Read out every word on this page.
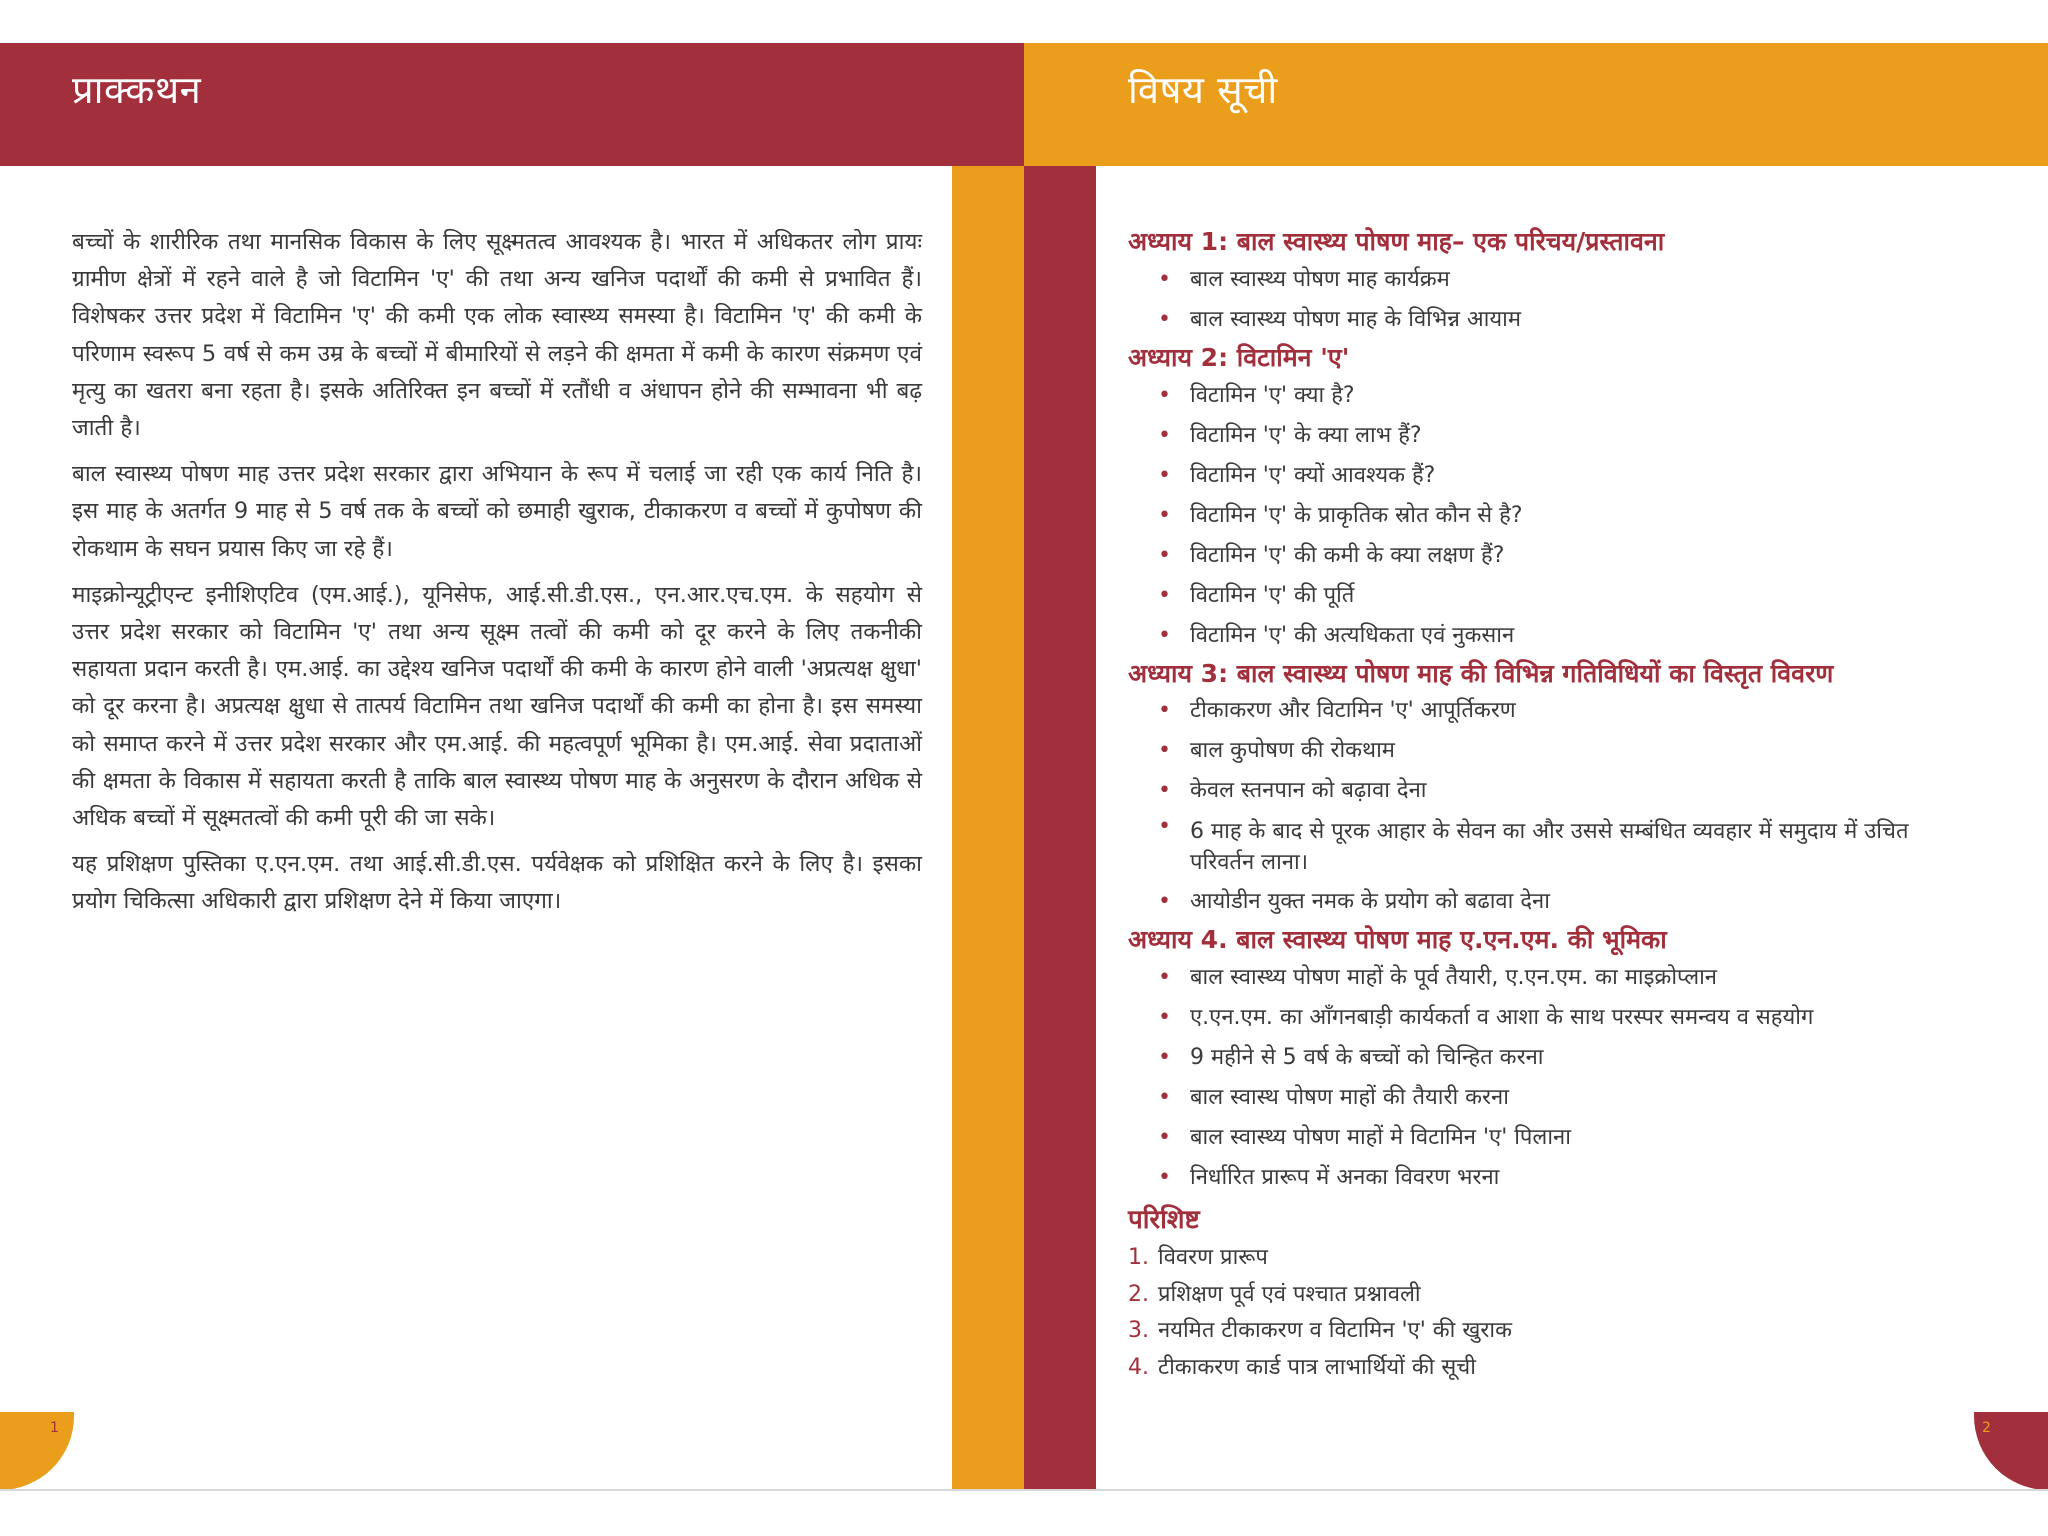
प्राक्कथन	विषय सूची

बच्चों के शारीरिक तथा मानसिक विकास के लिए सूक्ष्मतत्व आवश्यक है। भारत में अधिकतर लोग प्रायः ग्रामीण क्षेत्रों में रहने वाले है जो विटामिन 'ए' की तथा अन्य खनिज पदार्थों की कमी से प्रभावित हैं। विशेषकर उत्तर प्रदेश में विटामिन 'ए' की कमी एक लोक स्वास्थ्य समस्या है। विटामिन 'ए' की कमी के परिणाम स्वरूप 5 वर्ष से कम उम्र के बच्चों में बीमारियों से लड़ने की क्षमता में कमी के कारण संक्रमण एवं मृत्यु का खतरा बना रहता है। इसके अतिरिक्त इन बच्चों में रतौंधी व अंधापन होने की सम्भावना भी बढ़ जाती है।

बाल स्वास्थ्य पोषण माह उत्तर प्रदेश सरकार द्वारा अभियान के रूप में चलाई जा रही एक कार्य निति है। इस माह के अतर्गत 9 माह से 5 वर्ष तक के बच्चों को छमाही खुराक, टीकाकरण व बच्चों में कुपोषण की रोकथाम के सघन प्रयास किए जा रहे हैं।

माइक्रोन्यूट्रीएन्ट इनीशिएटिव (एम.आई.), यूनिसेफ, आई.सी.डी.एस., एन.आर.एच.एम. के सहयोग से उत्तर प्रदेश सरकार को विटामिन 'ए' तथा अन्य सूक्ष्म तत्वों की कमी को दूर करने के लिए तकनीकी सहायता प्रदान करती है। एम.आई. का उद्देश्य खनिज पदार्थों की कमी के कारण होने वाली 'अप्रत्यक्ष क्षुधा' को दूर करना है। अप्रत्यक्ष क्षुधा से तात्पर्य विटामिन तथा खनिज पदार्थों की कमी का होना है। इस समस्या को समाप्त करने में उत्तर प्रदेश सरकार और एम.आई. की महत्वपूर्ण भूमिका है। एम.आई. सेवा प्रदाताओं की क्षमता के विकास में सहायता करती है ताकि बाल स्वास्थ्य पोषण माह के अनुसरण के दौरान अधिक से अधिक बच्चों में सूक्ष्मतत्वों की कमी पूरी की जा सके।

यह प्रशिक्षण पुस्तिका ए.एन.एम. तथा आई.सी.डी.एस. पर्यवेक्षक को प्रशिक्षित करने के लिए है। इसका प्रयोग चिकित्सा अधिकारी द्वारा प्रशिक्षण देने में किया जाएगा।

अध्याय 1: बाल स्वास्थ्य पोषण माह– एक परिचय/प्रस्तावना
• बाल स्वास्थ्य पोषण माह कार्यक्रम
• बाल स्वास्थ्य पोषण माह के विभिन्न आयाम
अध्याय 2: विटामिन 'ए'
• विटामिन 'ए' क्या है?
• विटामिन 'ए' के क्या लाभ हैं?
• विटामिन 'ए' क्यों आवश्यक हैं?
• विटामिन 'ए' के प्राकृतिक स्रोत कौन से है?
• विटामिन 'ए' की कमी के क्या लक्षण हैं?
• विटामिन 'ए' की पूर्ति
• विटामिन 'ए' की अत्यधिकता एवं नुकसान
अध्याय 3: बाल स्वास्थ्य पोषण माह की विभिन्न गतिविधियों का विस्तृत विवरण
• टीकाकरण और विटामिन 'ए' आपूर्तिकरण
• बाल कुपोषण की रोकथाम
• केवल स्तनपान को बढ़ावा देना
• 6 माह के बाद से पूरक आहार के सेवन का और उससे सम्बंधित व्यवहार में समुदाय में उचित परिवर्तन लाना।
• आयोडीन युक्त नमक के प्रयोग को बढावा देना
अध्याय 4. बाल स्वास्थ्य पोषण माह ए.एन.एम. की भूमिका
• बाल स्वास्थ्य पोषण माहों के पूर्व तैयारी, ए.एन.एम. का माइक्रोप्लान
• ए.एन.एम. का आँगनबाड़ी कार्यकर्ता व आशा के साथ परस्पर समन्वय व सहयोग
• 9 महीने से 5 वर्ष के बच्चों को चिन्हित करना
• बाल स्वास्थ पोषण माहों की तैयारी करना
• बाल स्वास्थ्य पोषण माहों मे विटामिन 'ए' पिलाना
• निर्धारित प्रारूप में अनका विवरण भरना
परिशिष्ट
1. विवरण प्रारूप
2. प्रशिक्षण पूर्व एवं पश्चात प्रश्नावली
3. नयमित टीकाकरण व विटामिन 'ए' की खुराक
4. टीकाकरण कार्ड पात्र लाभार्थियों की सूची
1	2
